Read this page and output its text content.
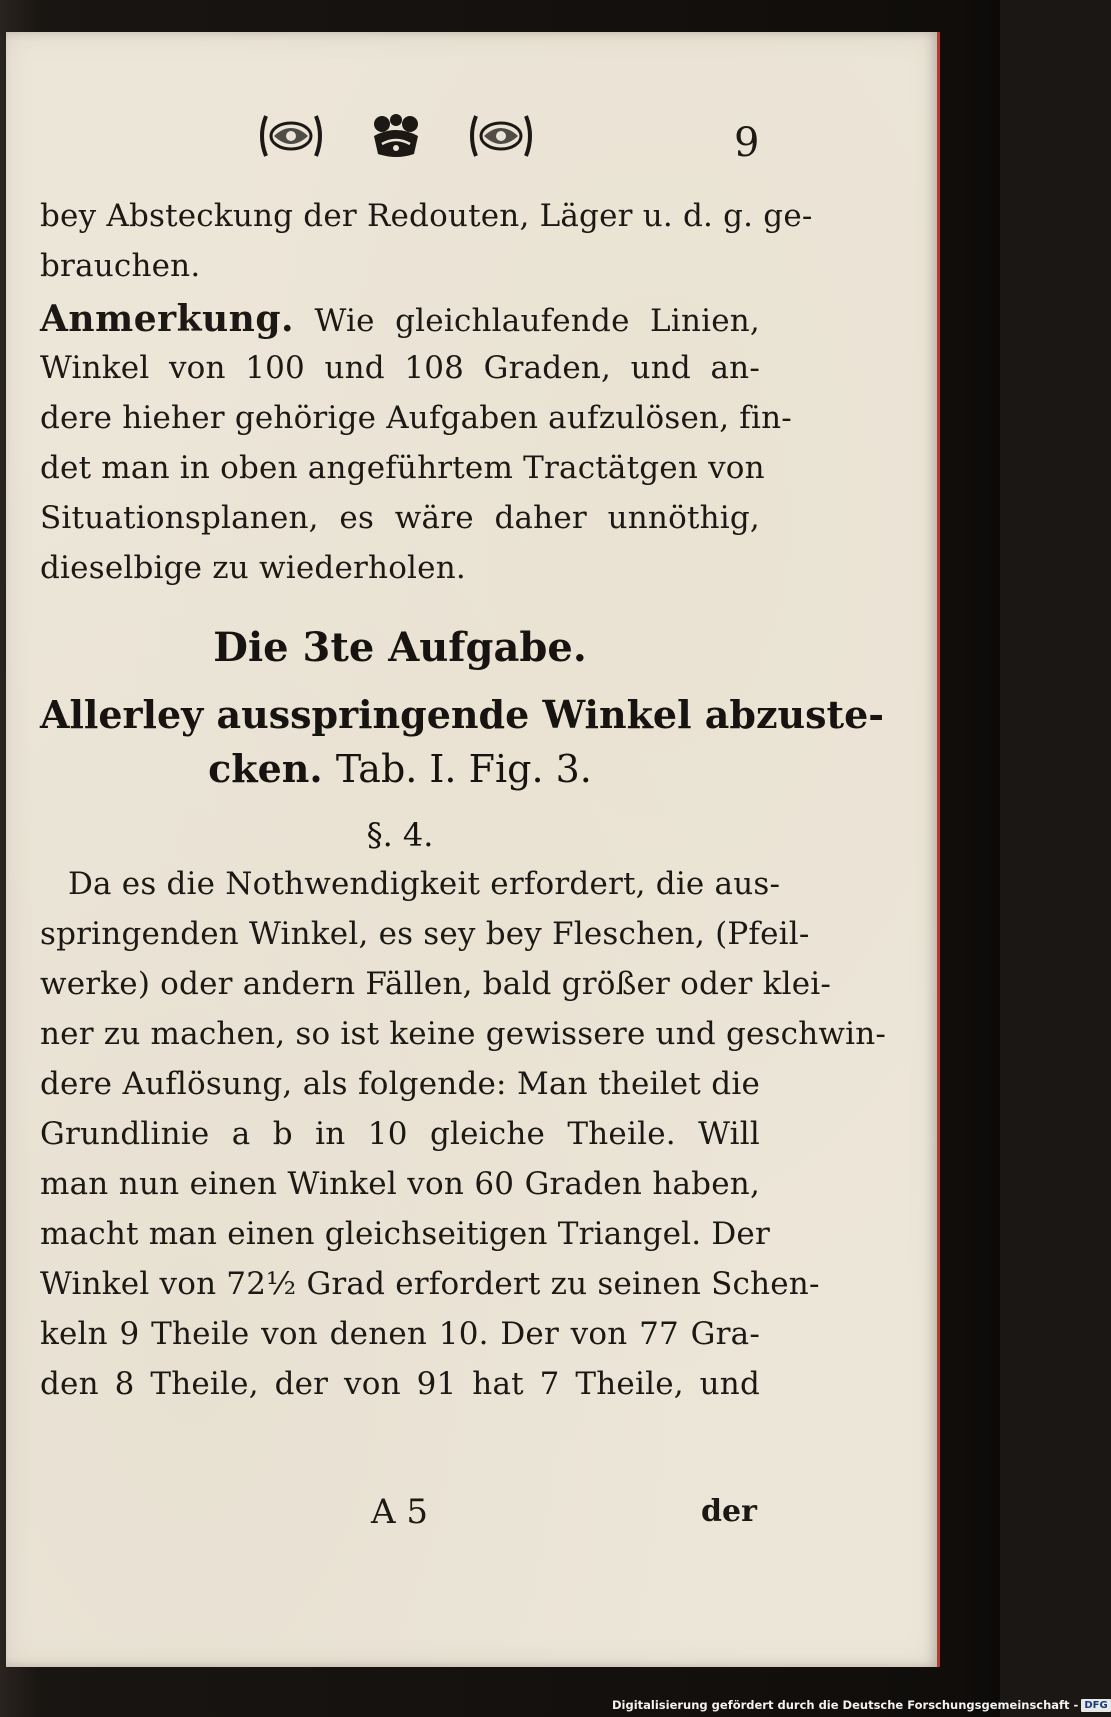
9
bey Absteckung der Redouten, Läger u. d. g. ge-
brauchen.
Anmerkung. Wie gleichlaufende Linien,
Winkel von 100 und 108 Graden, und an-
dere hieher gehörige Aufgaben aufzulösen, fin-
det man in oben angeführtem Tractätgen von
Situationsplanen, es wäre daher unnöthig,
dieselbige zu wiederholen.
Die 3te Aufgabe.
Allerley ausspringende Winkel abzuste-
cken. Tab. I. Fig. 3.
§. 4.
Da es die Nothwendigkeit erfordert, die aus-
springenden Winkel, es sey bey Fleschen, (Pfeil-
werke) oder andern Fällen, bald größer oder klei-
ner zu machen, so ist keine gewissere und geschwin-
dere Auflösung, als folgende: Man theilet die
Grundlinie a b in 10 gleiche Theile. Will
man nun einen Winkel von 60 Graden haben,
macht man einen gleichseitigen Triangel. Der
Winkel von 72½ Grad erfordert zu seinen Schen-
keln 9 Theile von denen 10. Der von 77 Gra-
den 8 Theile, der von 91 hat 7 Theile, und
A 5	der
Digitalisierung gefördert durch die Deutsche Forschungsgemeinschaft - DFG
